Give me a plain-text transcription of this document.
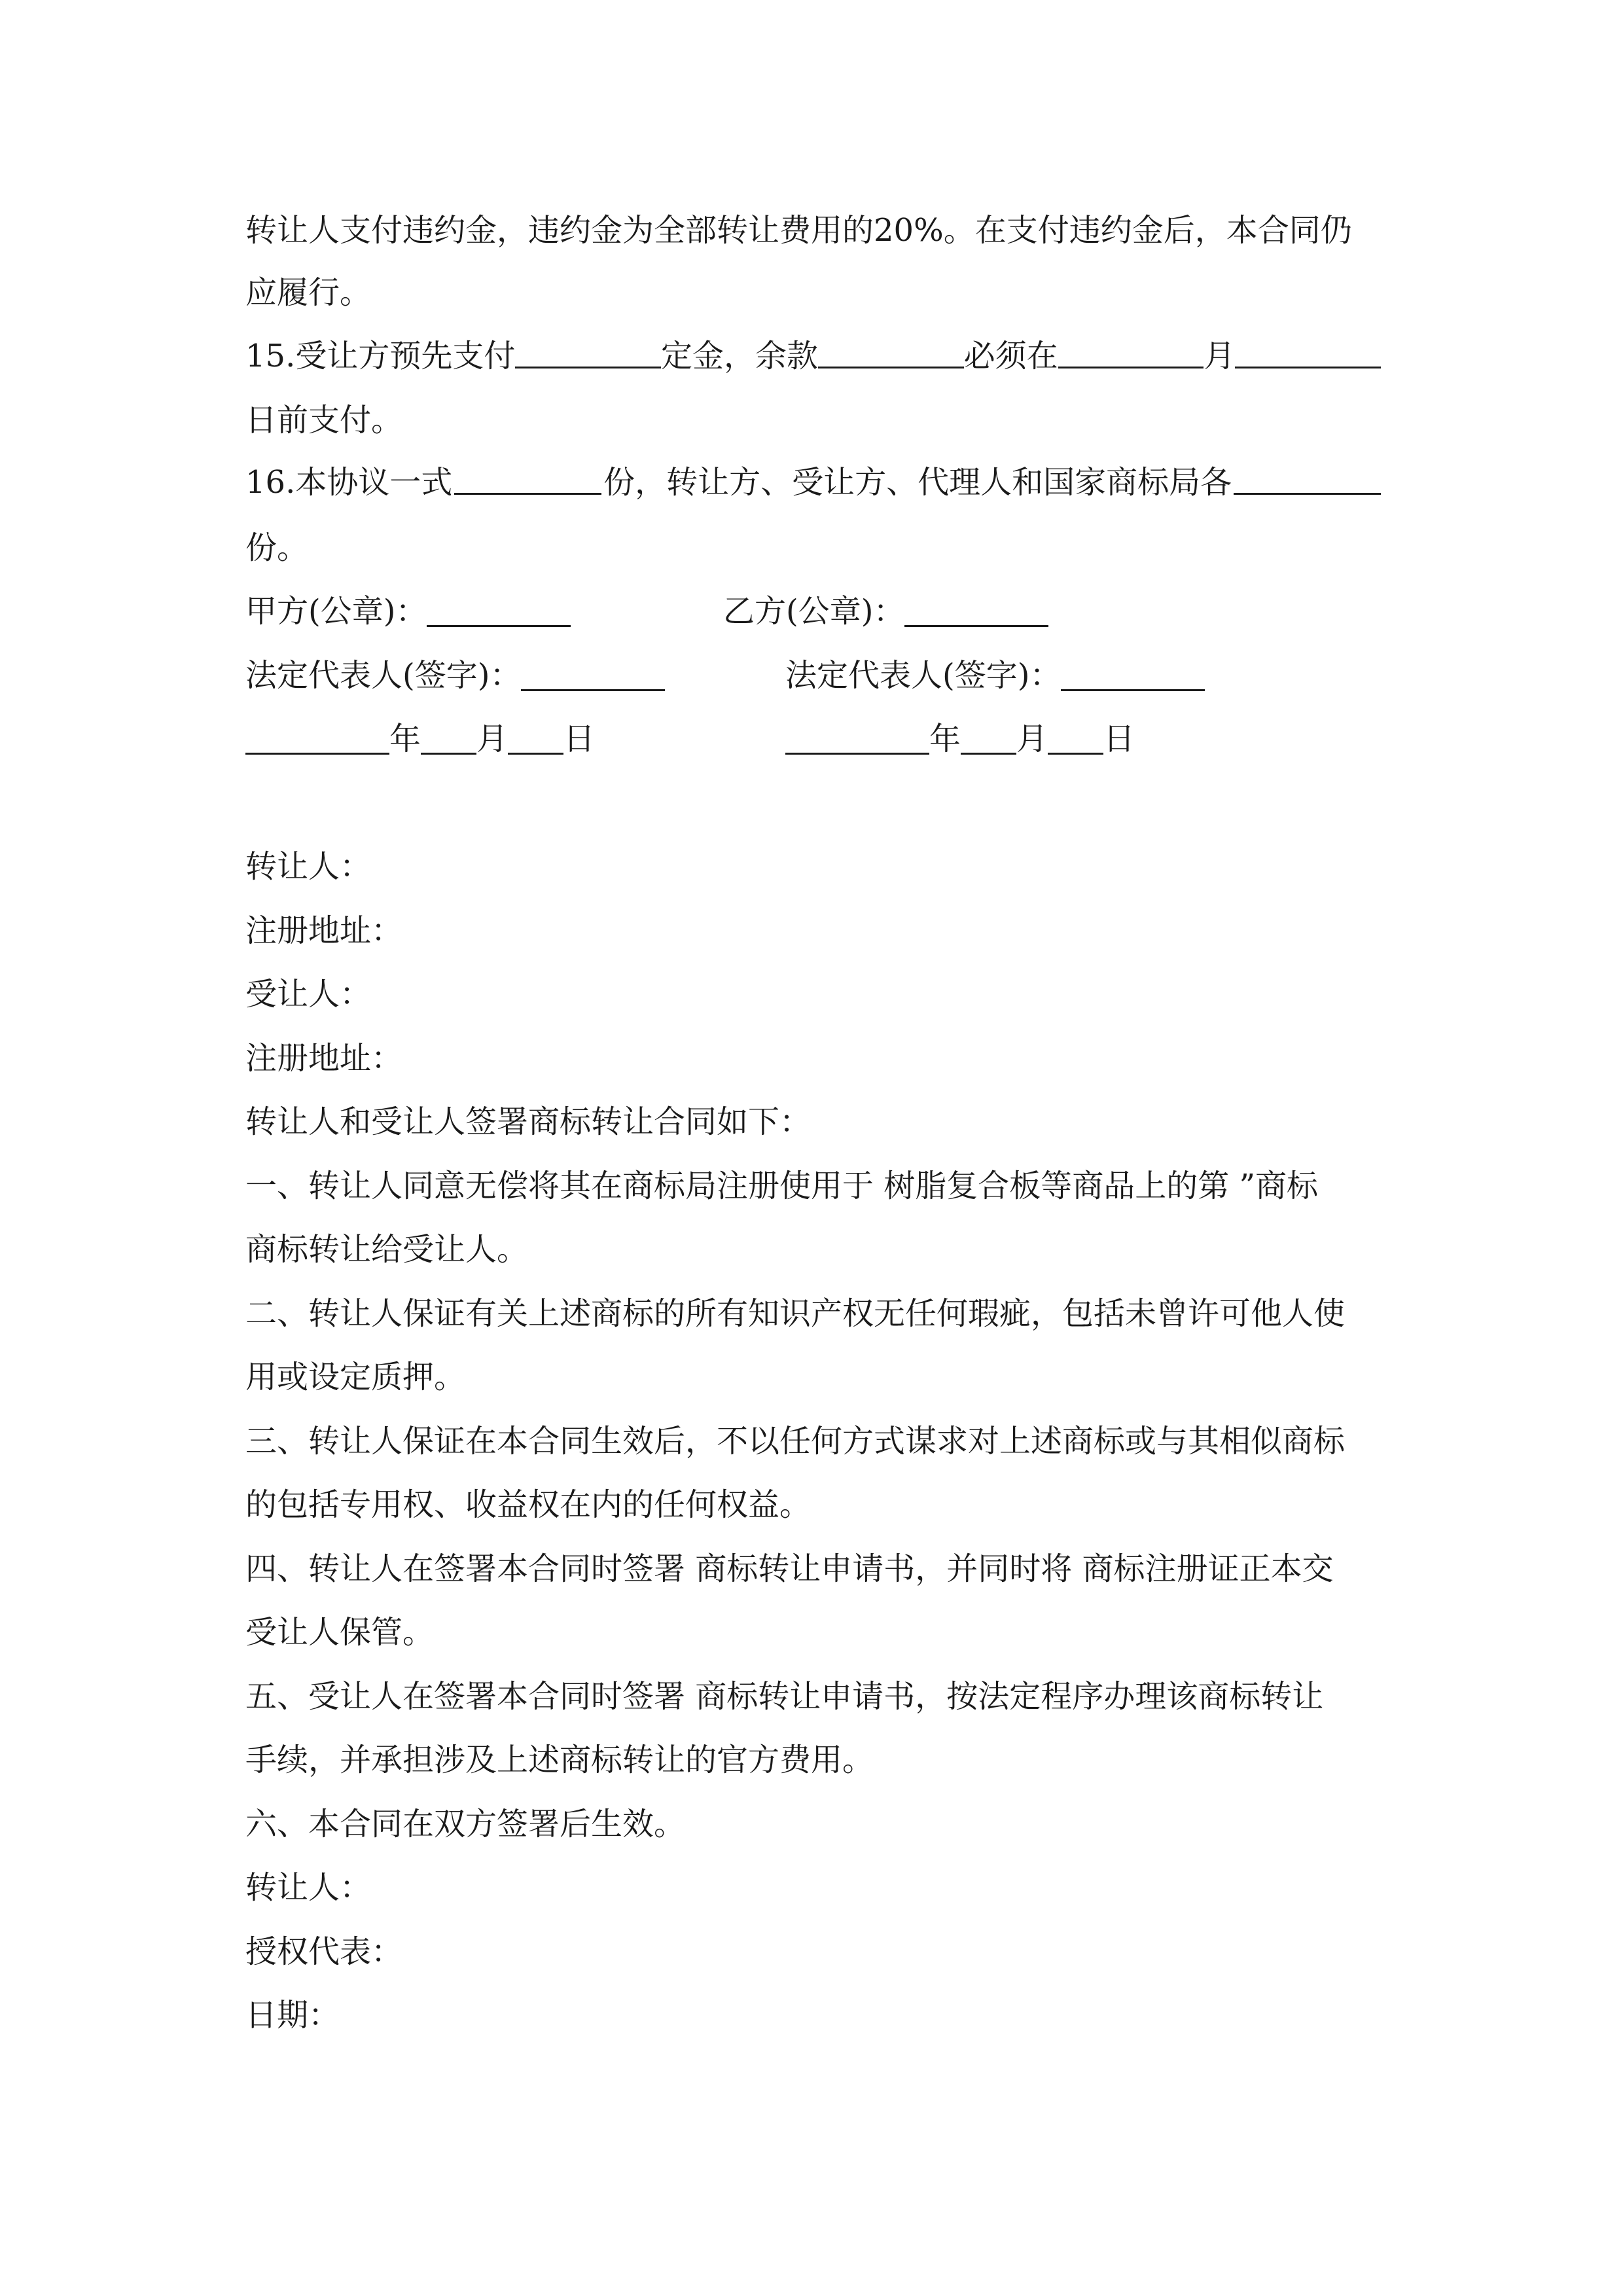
转让人支付违约金，违约金为全部转让费用的20%。在支付违约金后，本合同仍
应履行。
15.受让方预先支付	定金，余款	必须在	月
日前支付。
16.本协议一式	份，转让方、受让方、代理人和国家商标局各
份。
甲方(公章)：	乙方(公章)：
法定代表人(签字)：	法定代表人(签字)：
年 月 日	年 月 日
转让人：
注册地址：
受让人：
注册地址：
转让人和受让人签署商标转让合同如下：
一、转让人同意无偿将其在商标局注册使用于 树脂复合板等商品上的第 ”商标
商标转让给受让人。
二、转让人保证有关上述商标的所有知识产权无任何瑕疵，包括未曾许可他人使
用或设定质押。
三、转让人保证在本合同生效后，不以任何方式谋求对上述商标或与其相似商标
的包括专用权、收益权在内的任何权益。
四、转让人在签署本合同时签署 商标转让申请书，并同时将 商标注册证正本交
受让人保管。
五、受让人在签署本合同时签署 商标转让申请书，按法定程序办理该商标转让
手续，并承担涉及上述商标转让的官方费用。
六、本合同在双方签署后生效。
转让人：
授权代表：
日期：
